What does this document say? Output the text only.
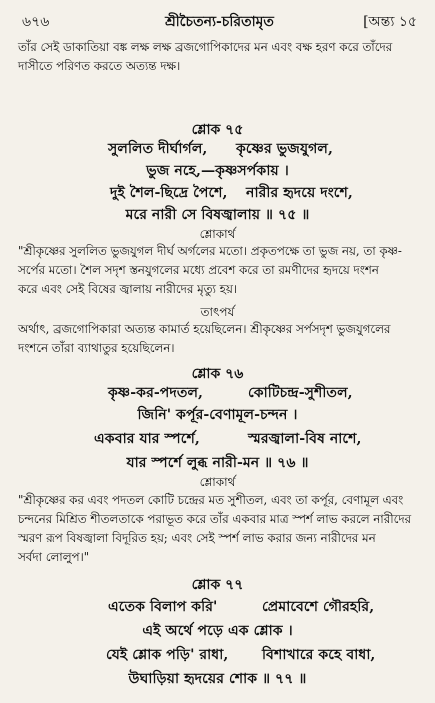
৬৭৬	শ্রীচৈতন্য-চরিতামৃত	[অন্ত্য ১৫
তাঁর সেই ডাকাতিয়া বঙ্ক লক্ষ লক্ষ ব্রজগোপিকাদের মন এবং বক্ষ হরণ করে তাঁদের
দাসীতে পরিণত করতে অত্যন্ত দক্ষ।
শ্লোক ৭৫
সুললিত দীর্ঘার্গল, কৃষ্ণের ভুজযুগল,
ভুজ নহে,—কৃষ্ণসর্পকায় ।
দুই শৈল-ছিদ্রে পৈশে, নারীর হৃদয়ে দংশে,
মরে নারী সে বিষজ্বালায় ॥ ৭৫ ॥
শ্লোকার্থ
"শ্রীকৃষ্ণের সুললিত ভুজযুগল দীর্ঘ অর্গলের মতো। প্রকৃতপক্ষে তা ভুজ নয়, তা কৃষ্ণ-
সর্পের মতো। শৈল সদৃশ স্তনযুগলের মধ্যে প্রবেশ করে তা রমণীদের হৃদয়ে দংশন
করে এবং সেই বিষের জ্বালায় নারীদের মৃত্যু হয়।
তাৎপর্য
অর্থাৎ, ব্রজগোপিকারা অত্যন্ত কামার্ত হয়েছিলেন। শ্রীকৃষ্ণের সর্পসদৃশ ভুজযুগলের
দংশনে তাঁরা ব্যাথাতুর হয়েছিলেন।
শ্লোক ৭৬
কৃষ্ণ-কর-পদতল,	কোটিচন্দ্র-সুশীতল,
জিনি' কর্পূর-বেণামূল-চন্দন ।
একবার যার স্পর্শে,	স্মরজ্বালা-বিষ নাশে,
যার স্পর্শে লুব্ধ নারী-মন ॥ ৭৬ ॥
শ্লোকার্থ
"শ্রীকৃষ্ণের কর এবং পদতল কোটি চন্দ্রের মত সুশীতল, এবং তা কর্পূর, বেণামূল এবং
চন্দনের মিশ্রিত শীতলতাকে পরাভূত করে তাঁর একবার মাত্র স্পর্শ লাভ করলে নারীদের
স্মরণ রূপ বিষজ্বালা বিদূরিত হয়; এবং সেই স্পর্শ লাভ করার জন্য নারীদের মন
সর্বদা লোলুপ।"
শ্লোক ৭৭
এতেক বিলাপ করি'	প্রেমাবেশে গৌরহরি,
এই অর্থে পড়ে এক শ্লোক ।
যেই শ্লোক পড়ি' রাধা, বিশাখারে কহে বাধা,
উঘাড়িয়া হৃদয়ের শোক ॥ ৭৭ ॥
